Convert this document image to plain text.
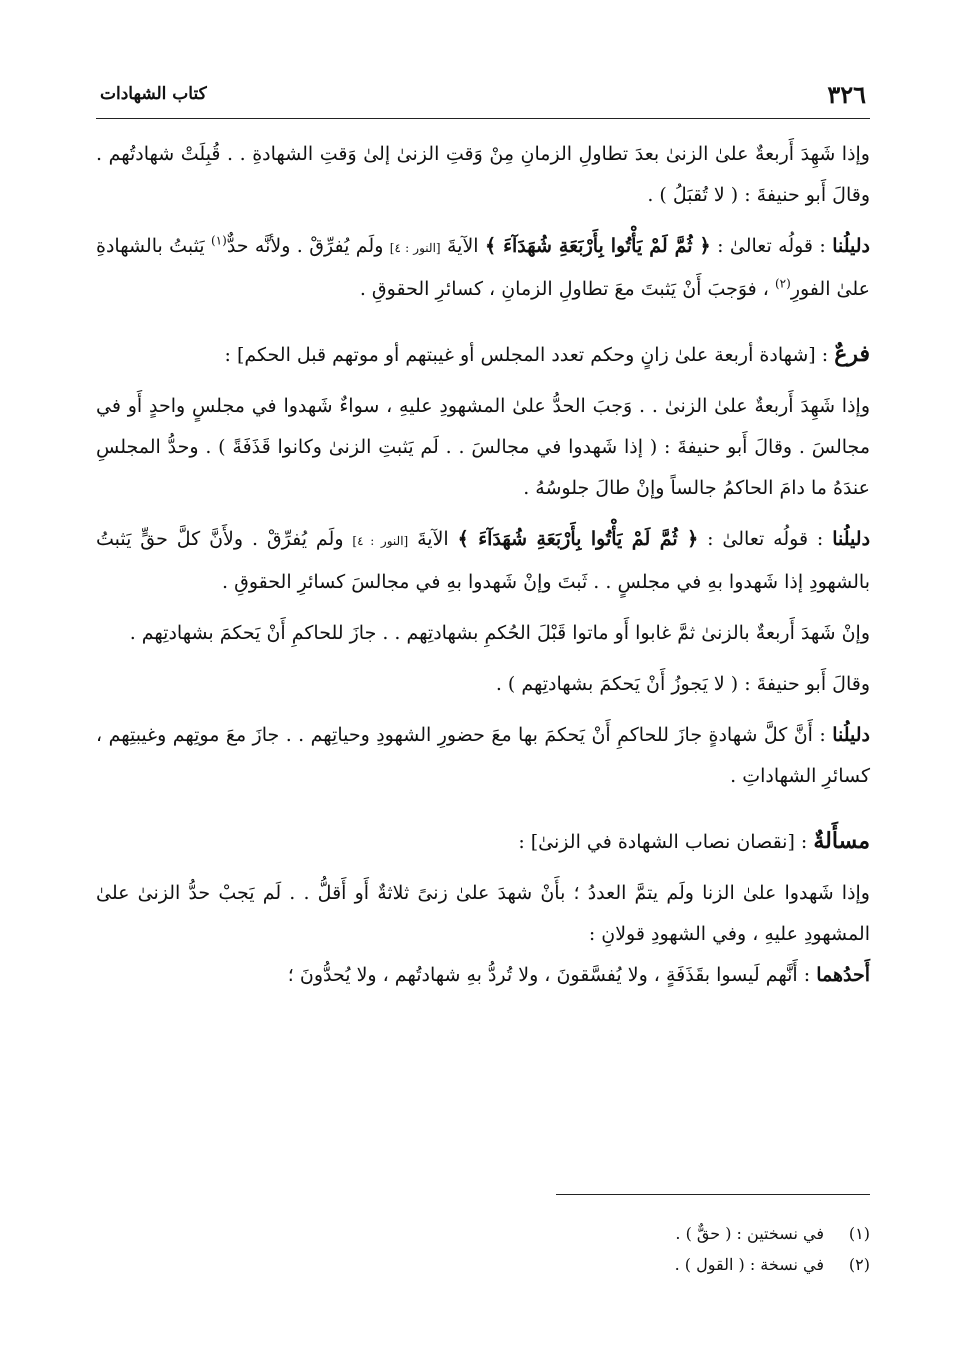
٣٢٦
كتاب الشهادات

وإذا شَهِدَ أَربعةٌ علىٰ الزنىٰ بعدَ تطاولِ الزمانِ مِنْ وَقتِ الزنىٰ إلىٰ وَقتِ الشهادةِ . . قُبِلَتْ شهادتُهم . وقالَ أَبو حنيفةَ : ( لا تُقبَلُ ) .

دليلُنا : قولُه تعالىٰ : ﴿ ثُمَّ لَمْ يَأْتُوا بِأَرْبَعَةِ شُهَدَآءَ ﴾ الآيةَ [النور : ٤] ولَم يُفرِّقْ . ولأنَّه حدٌّ$^{(١)}$ يَثبتُ بالشهادةِ علىٰ الفورِ$^{(٢)}$ ، فوَجبَ أَنْ يَثبتَ معَ تطاولِ الزمانِ ، كسائرِ الحقوقِ .

فرعٌ : [شهادة أربعة علىٰ زانٍ وحكم تعدد المجلس أو غيبتهم أو موتهم قبل الحكم] :

وإذا شَهِدَ أَربعةٌ علىٰ الزنىٰ . . وَجبَ الحدُّ علىٰ المشهودِ عليهِ ، سواءٌ شَهدوا في مجلسٍ واحدٍ أَو في مجالسَ . وقالَ أَبو حنيفةَ : ( إذا شَهدوا في مجالسَ . . لَم يَثبتِ الزنىٰ وكانوا قَذَفَةً ) . وحدُّ المجلسِ عندَهُ ما دامَ الحاكمُ جالساً وإنْ طالَ جلوسُهُ .

دليلُنا : قولُه تعالىٰ : ﴿ ثُمَّ لَمْ يَأْتُوا بِأَرْبَعَةِ شُهَدَآءَ ﴾ الآيةَ [النور : ٤] ولَم يُفرِّقْ . ولأَنَّ كلَّ حقٍّ يَثبتُ بالشهودِ إذا شَهدوا بهِ في مجلسٍ . . ثَبتَ وإنْ شَهدوا بهِ في مجالسَ كسائرِ الحقوقِ .

وإنْ شَهدَ أَربعةٌ بالزنىٰ ثمَّ غابوا أَو ماتوا قَبْلَ الحُكمِ بشهادتِهم . . جازَ للحاكمِ أَنْ يَحكمَ بشهادتِهم .

وقالَ أَبو حنيفةَ : ( لا يَجوزُ أَنْ يَحكمَ بشهادتِهم ) .

دليلُنا : أَنَّ كلَّ شهادةٍ جازَ للحاكمِ أَنْ يَحكمَ بها معَ حضورِ الشهودِ وحياتِهم . . جازَ معَ موتِهم وغيبتِهم ، كسائرِ الشهاداتِ .

مسأَلةٌ : [نقصان نصاب الشهادة في الزنىٰ] :

وإذا شَهدوا علىٰ الزنا ولَم يتمَّ العددُ ؛ بأَنْ شهدَ علىٰ زنىً ثلاثةٌ أَو أَقلُّ . . لَم يَجبْ حدُّ الزنىٰ علىٰ المشهودِ عليهِ ، وفي الشهودِ قولانِ :

أَحدُهما : أَنَّهم لَيسوا بقَذَفَةٍ ، ولا يُفسَّقونَ ، ولا تُردُّ بهِ شهادتُهم ، ولا يُحدُّونَ ؛

(١)في نسختين : ( حقٌّ ) .
(٢)في نسخة : ( القول ) .
